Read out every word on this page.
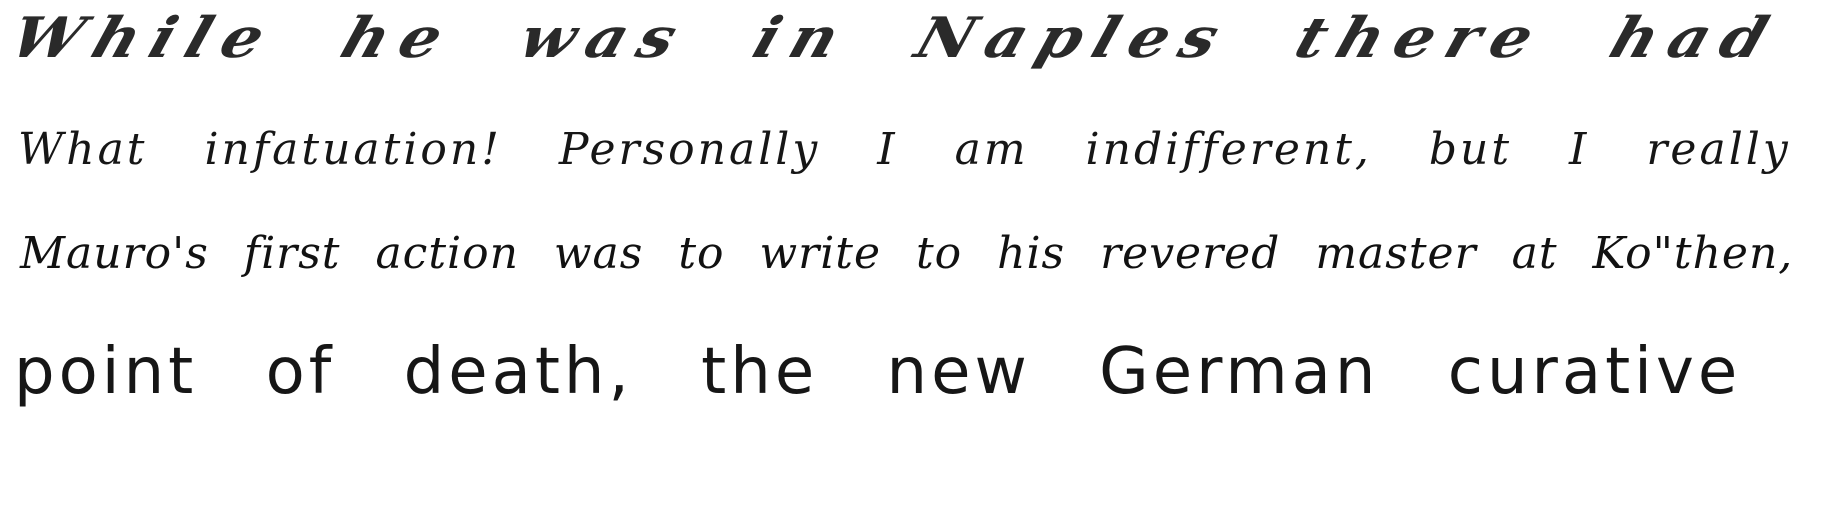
While he was in Naples there had
What infatuation! Personally I am indifferent, but I really
Mauro's first action was to write to his revered master at Ko"then,
point of death, the new German curative
